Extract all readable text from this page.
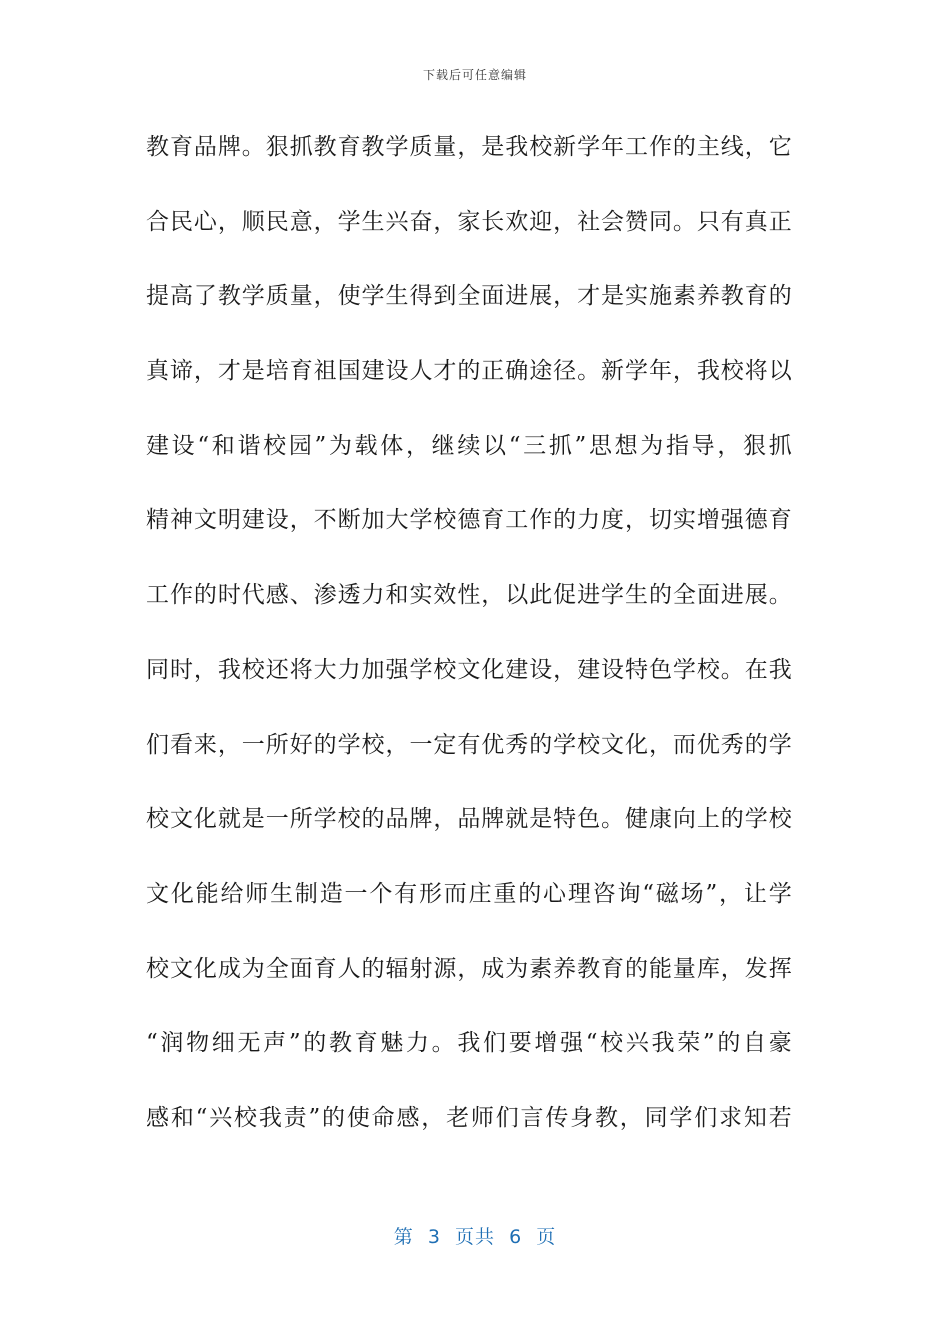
下载后可任意编辑
教育品牌。狠抓教育教学质量，是我校新学年工作的主线，它
合民心，顺民意，学生兴奋，家长欢迎，社会赞同。只有真正
提高了教学质量，使学生得到全面进展，才是实施素养教育的
真谛，才是培育祖国建设人才的正确途径。新学年，我校将以
建设“和谐校园”为载体，继续以“三抓”思想为指导，狠抓
精神文明建设，不断加大学校德育工作的力度，切实增强德育
工作的时代感、渗透力和实效性，以此促进学生的全面进展。
同时，我校还将大力加强学校文化建设，建设特色学校。在我
们看来，一所好的学校，一定有优秀的学校文化，而优秀的学
校文化就是一所学校的品牌，品牌就是特色。健康向上的学校
文化能给师生制造一个有形而庄重的心理咨询“磁场”，让学
校文化成为全面育人的辐射源，成为素养教育的能量库，发挥
“润物细无声”的教育魅力。我们要增强“校兴我荣”的自豪
感和“兴校我责”的使命感，老师们言传身教，同学们求知若
第  3  页共  6  页
